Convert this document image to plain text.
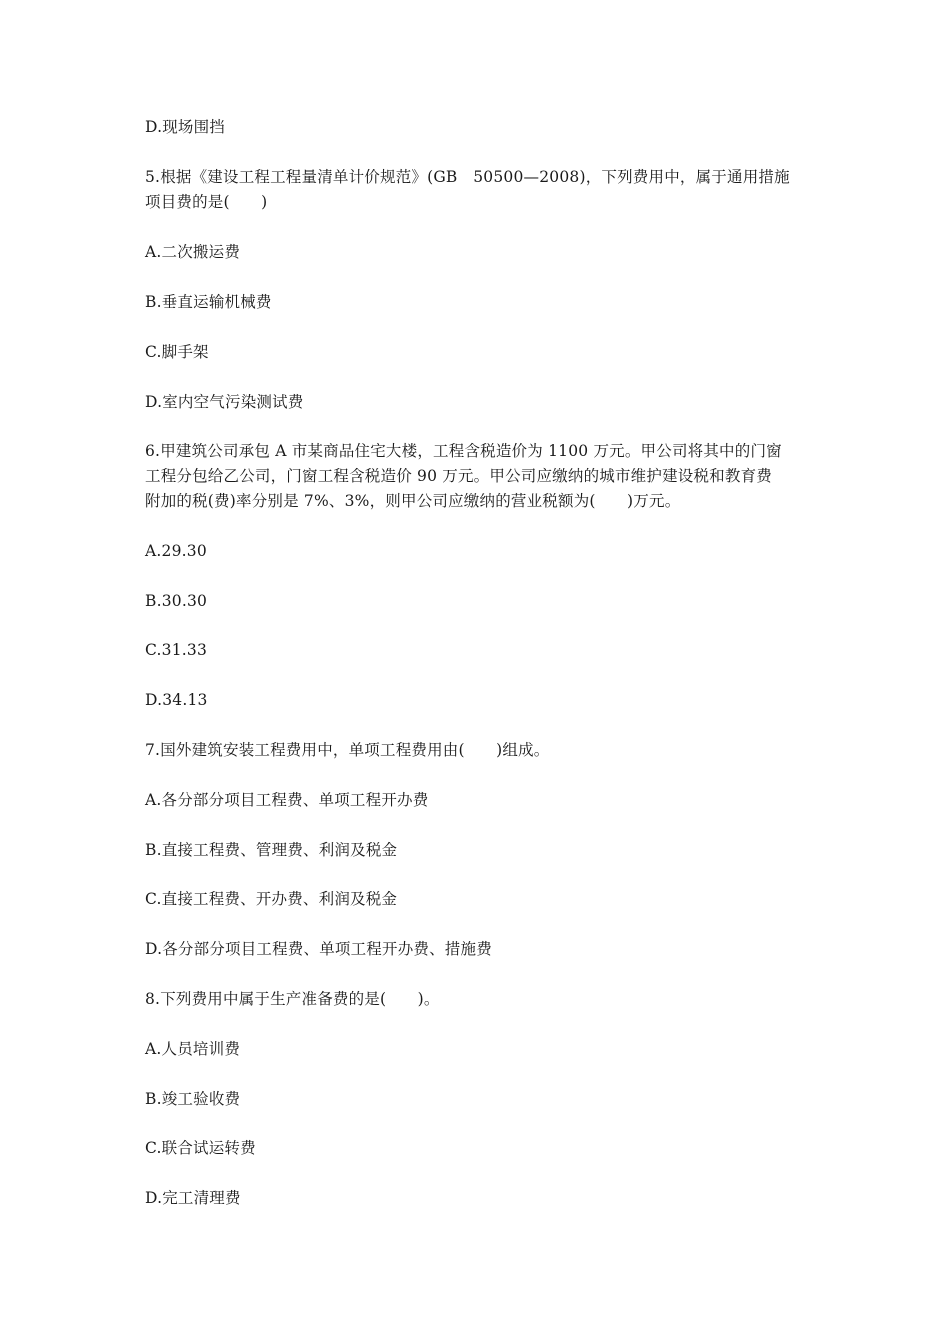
D.现场围挡
5.根据《建设工程工程量清单计价规范》(GB　50500—2008)，下列费用中，属于通用措施
项目费的是(　　)
A.二次搬运费
B.垂直运输机械费
C.脚手架
D.室内空气污染测试费
6.甲建筑公司承包 A 市某商品住宅大楼，工程含税造价为 1100 万元。甲公司将其中的门窗
工程分包给乙公司，门窗工程含税造价 90 万元。甲公司应缴纳的城市维护建设税和教育费
附加的税(费)率分别是 7%、3%，则甲公司应缴纳的营业税额为(　　)万元。
A.29.30
B.30.30
C.31.33
D.34.13
7.国外建筑安装工程费用中，单项工程费用由(　　)组成。
A.各分部分项目工程费、单项工程开办费
B.直接工程费、管理费、利润及税金
C.直接工程费、开办费、利润及税金
D.各分部分项目工程费、单项工程开办费、措施费
8.下列费用中属于生产准备费的是(　　)。
A.人员培训费
B.竣工验收费
C.联合试运转费
D.完工清理费
